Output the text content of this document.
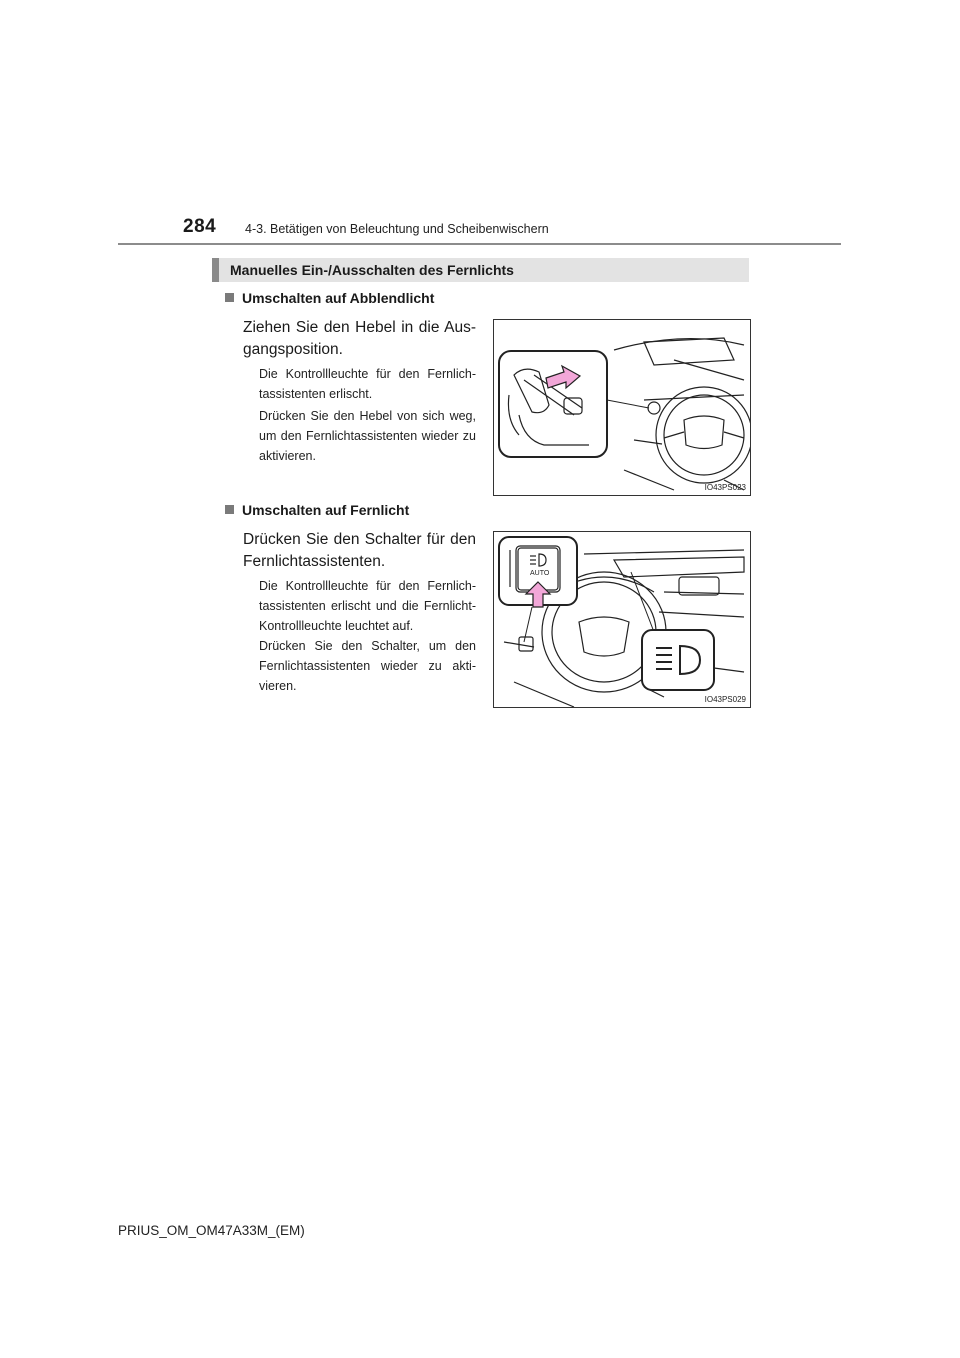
284 4-3. Betätigen von Beleuchtung und Scheibenwischern
Manuelles Ein-/Ausschalten des Fernlichts
Umschalten auf Abblendlicht
Ziehen Sie den Hebel in die Ausgangsposition.
Die Kontrollleuchte für den Fernlichtassistenten erlischt.
Drücken Sie den Hebel von sich weg, um den Fernlichtassistenten wieder zu aktivieren.
IO43PS023
Umschalten auf Fernlicht
Drücken Sie den Schalter für den Fernlichtassistenten.
Die Kontrollleuchte für den Fernlichtassistenten erlischt und die Fernlicht-Kontrollleuchte leuchtet auf.
Drücken Sie den Schalter, um den Fernlichtassistenten wieder zu aktivieren.
AUTO
IO43PS029
PRIUS_OM_OM47A33M_(EM)
